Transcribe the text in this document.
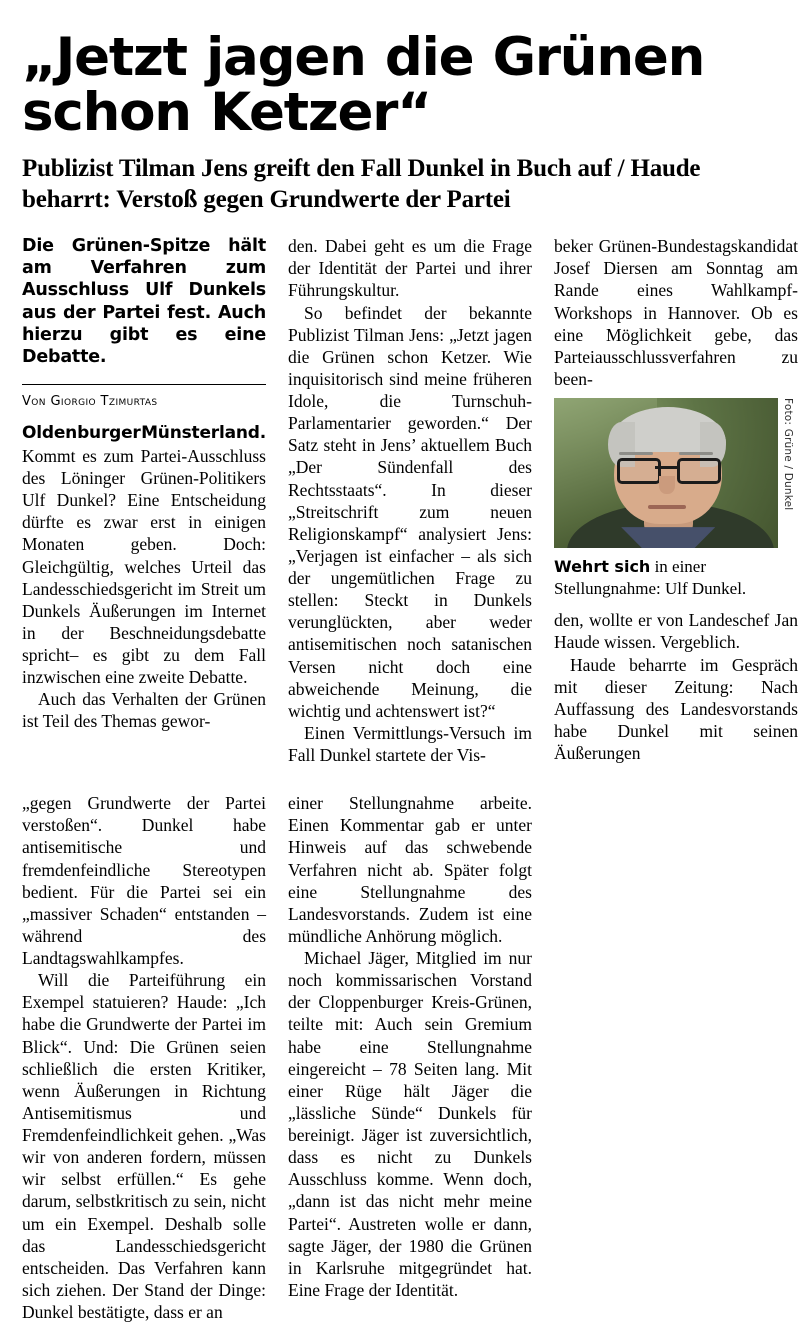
„Jetzt jagen die Grünen schon Ketzer“
Publizist Tilman Jens greift den Fall Dunkel in Buch auf / Haude beharrt: Verstoß gegen Grundwerte der Partei

Die Grünen-Spitze hält am Verfahren zum Ausschluss Ulf Dunkels aus der Partei fest. Auch hierzu gibt es eine Debatte.

Von Giorgio Tzimurtas
Oldenburger Münsterland.

Kommt es zum Partei-Ausschluss des Löninger Grünen-Politikers Ulf Dunkel? Eine Entscheidung dürfte es zwar erst in einigen Monaten geben. Doch: Gleichgültig, welches Urteil das Landesschiedsgericht im Streit um Dunkels Äußerungen im Internet in der Beschneidungsdebatte spricht– es gibt zu dem Fall inzwischen eine zweite Debatte.

Auch das Verhalten der Grünen ist Teil des Themas gewor-

den. Dabei geht es um die Frage der Identität der Partei und ihrer Führungskultur.

So befindet der bekannte Publizist Tilman Jens: „Jetzt jagen die Grünen schon Ketzer. Wie inquisitorisch sind meine früheren Idole, die Turnschuh-Parlamentarier geworden.“ Der Satz steht in Jens’ aktuellem Buch „Der Sündenfall des Rechtsstaats“. In dieser „Streitschrift zum neuen Religionskampf“ analysiert Jens: „Verjagen ist einfacher – als sich der ungemütlichen Frage zu stellen: Steckt in Dunkels verunglückten, aber weder antisemitischen noch satanischen Versen nicht doch eine abweichende Meinung, die wichtig und achtenswert ist?“

Einen Vermittlungs-Versuch im Fall Dunkel startete der Vis-

beker Grünen-Bundestagskandidat Josef Diersen am Sonntag am Rande eines Wahlkampf-Workshops in Hannover. Ob es eine Möglichkeit gebe, das Parteiausschlussverfahren zu been-

Foto: Grüne / Dunkel
Wehrt sich in einer Stellungnahme: Ulf Dunkel.

den, wollte er von Landeschef Jan Haude wissen. Vergeblich.

Haude beharrte im Gespräch mit dieser Zeitung: Nach Auffassung des Landesvorstands habe Dunkel mit seinen Äußerungen

„gegen Grundwerte der Partei verstoßen“. Dunkel habe antisemitische und fremdenfeindliche Stereotypen bedient. Für die Partei sei ein „massiver Schaden“ entstanden – während des Landtagswahlkampfes.

Will die Parteiführung ein Exempel statuieren? Haude: „Ich habe die Grundwerte der Partei im Blick“. Und: Die Grünen seien schließlich die ersten Kritiker, wenn Äußerungen in Richtung Antisemitismus und Fremdenfeindlichkeit gehen. „Was wir von anderen fordern, müssen wir selbst erfüllen.“ Es gehe darum, selbstkritisch zu sein, nicht um ein Exempel. Deshalb solle das Landesschiedsgericht entscheiden. Das Verfahren kann sich ziehen. Der Stand der Dinge: Dunkel bestätigte, dass er an

einer Stellungnahme arbeite. Einen Kommentar gab er unter Hinweis auf das schwebende Verfahren nicht ab. Später folgt eine Stellungnahme des Landesvorstands. Zudem ist eine mündliche Anhörung möglich.

Michael Jäger, Mitglied im nur noch kommissarischen Vorstand der Cloppenburger Kreis-Grünen, teilte mit: Auch sein Gremium habe eine Stellungnahme eingereicht – 78 Seiten lang. Mit einer Rüge hält Jäger die „lässliche Sünde“ Dunkels für bereinigt. Jäger ist zuversichtlich, dass es nicht zu Dunkels Ausschluss komme. Wenn doch, „dann ist das nicht mehr meine Partei“. Austreten wolle er dann, sagte Jäger, der 1980 die Grünen in Karlsruhe mitgegründet hat. Eine Frage der Identität.
